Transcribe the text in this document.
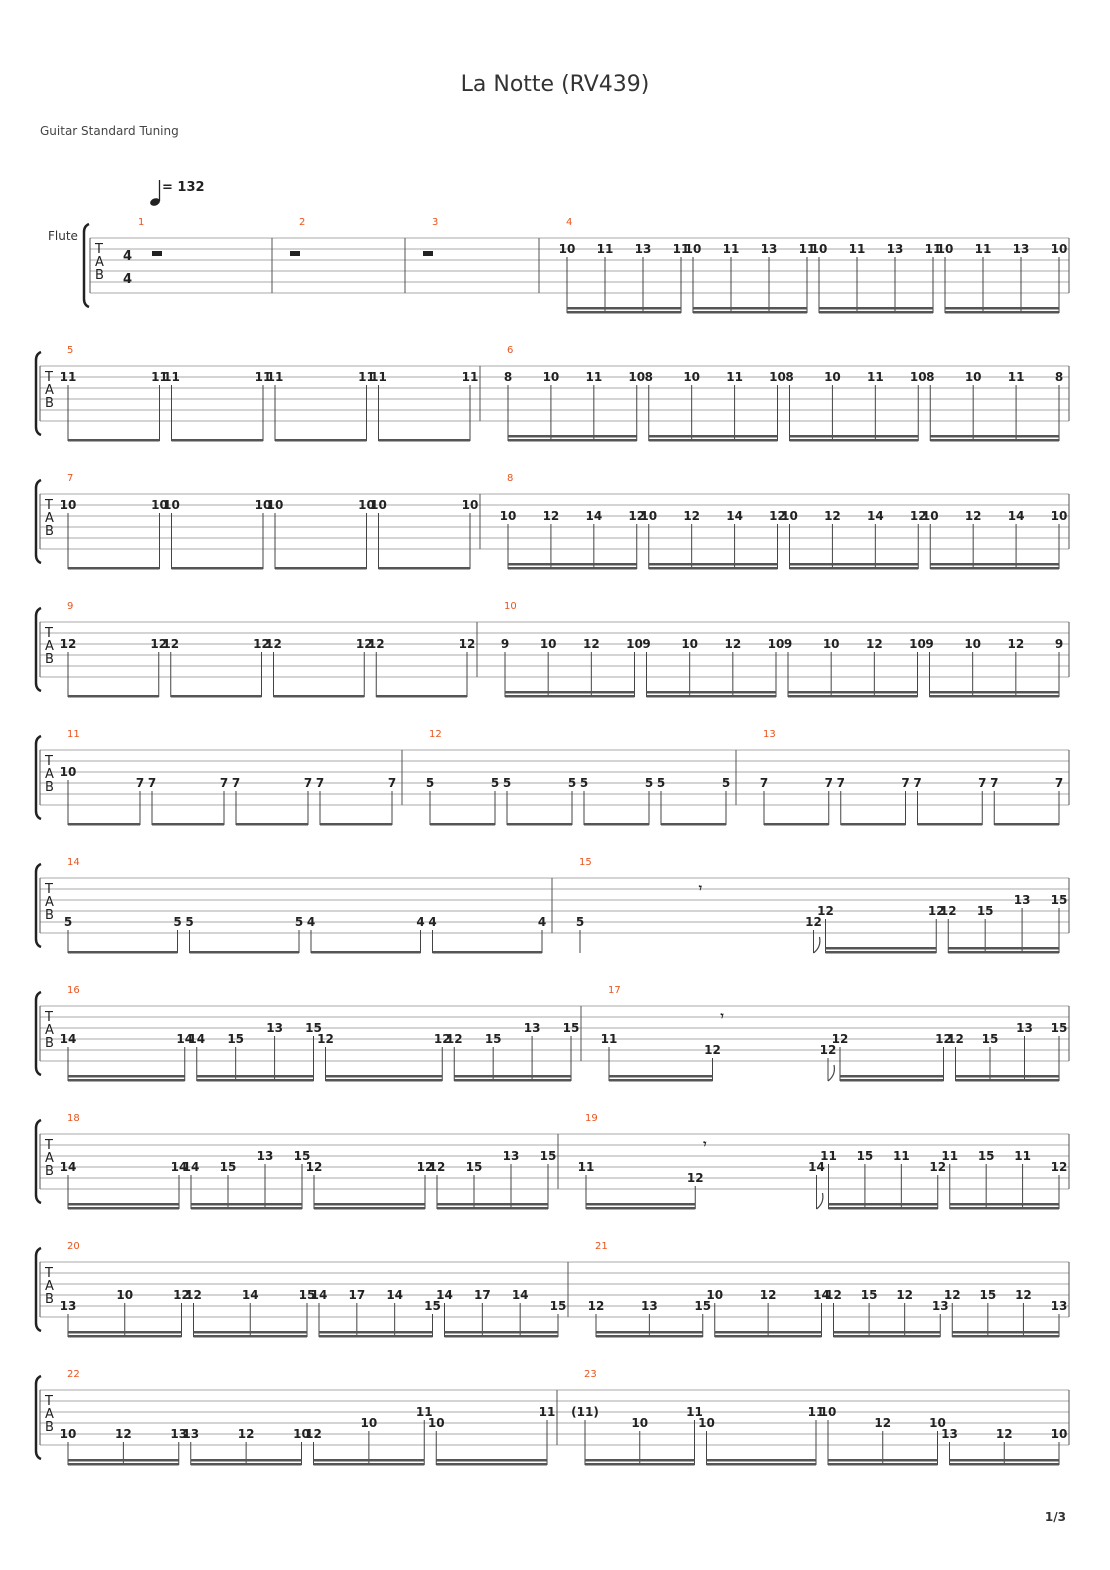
La Notte (RV439)
Guitar Standard Tuning
= 132
Flute
1/3
T
A
B
4
4
1	2	3	4
10 11 13 11
10 11 13 11
10 11 13 11
10 11 13 10
T
A
B
5
11	11
11	11
11	11
11	11
6
8	10 11 10 8	10 11 10 8	10 11 10 8	10 11	8
T
A
B
7
10	10
10	10
10	10
10	10
8
10 12 14 12
10 12 14 12
10 12 14 12
10 12 14 10
T
A
B
9
12	12
12	12
12	12
12	12
10
9	10 12 10 9	10 12 10 9	10 12 10 9	10 12	9
T
A
B
11
10
7 7	7 7	7 7	7
12
5	5 5	5 5	5 5	5
13
7	7 7	7 7	7 7	7
T
A
B
14
5	5 5	5 4	4 4	4
15
5
𝄾
12
12	12
12 15
13 15
T
A
B
16
14	14
14 15
13 15
12	12
12 15
13 15
17
11
12
𝄾
12
12	12
12 15
13 15
T
A
B
18
14	14
14 15
13 15
12	12
12 15
13 15
19
11
12
𝄾
14
11 15 11
12
11 15 11
12
T
A
B
20
13
10	12
12	14	15
14 17 14
15
14 17 14
15
21
12	13	15
10	12	14
12 15 12
13
12 15 12
13
T
A
B
22
10	12	13
13	12	10
12
10
11
10
11
23
(11)
10
11
10
11
10
12	10
13	12	10
